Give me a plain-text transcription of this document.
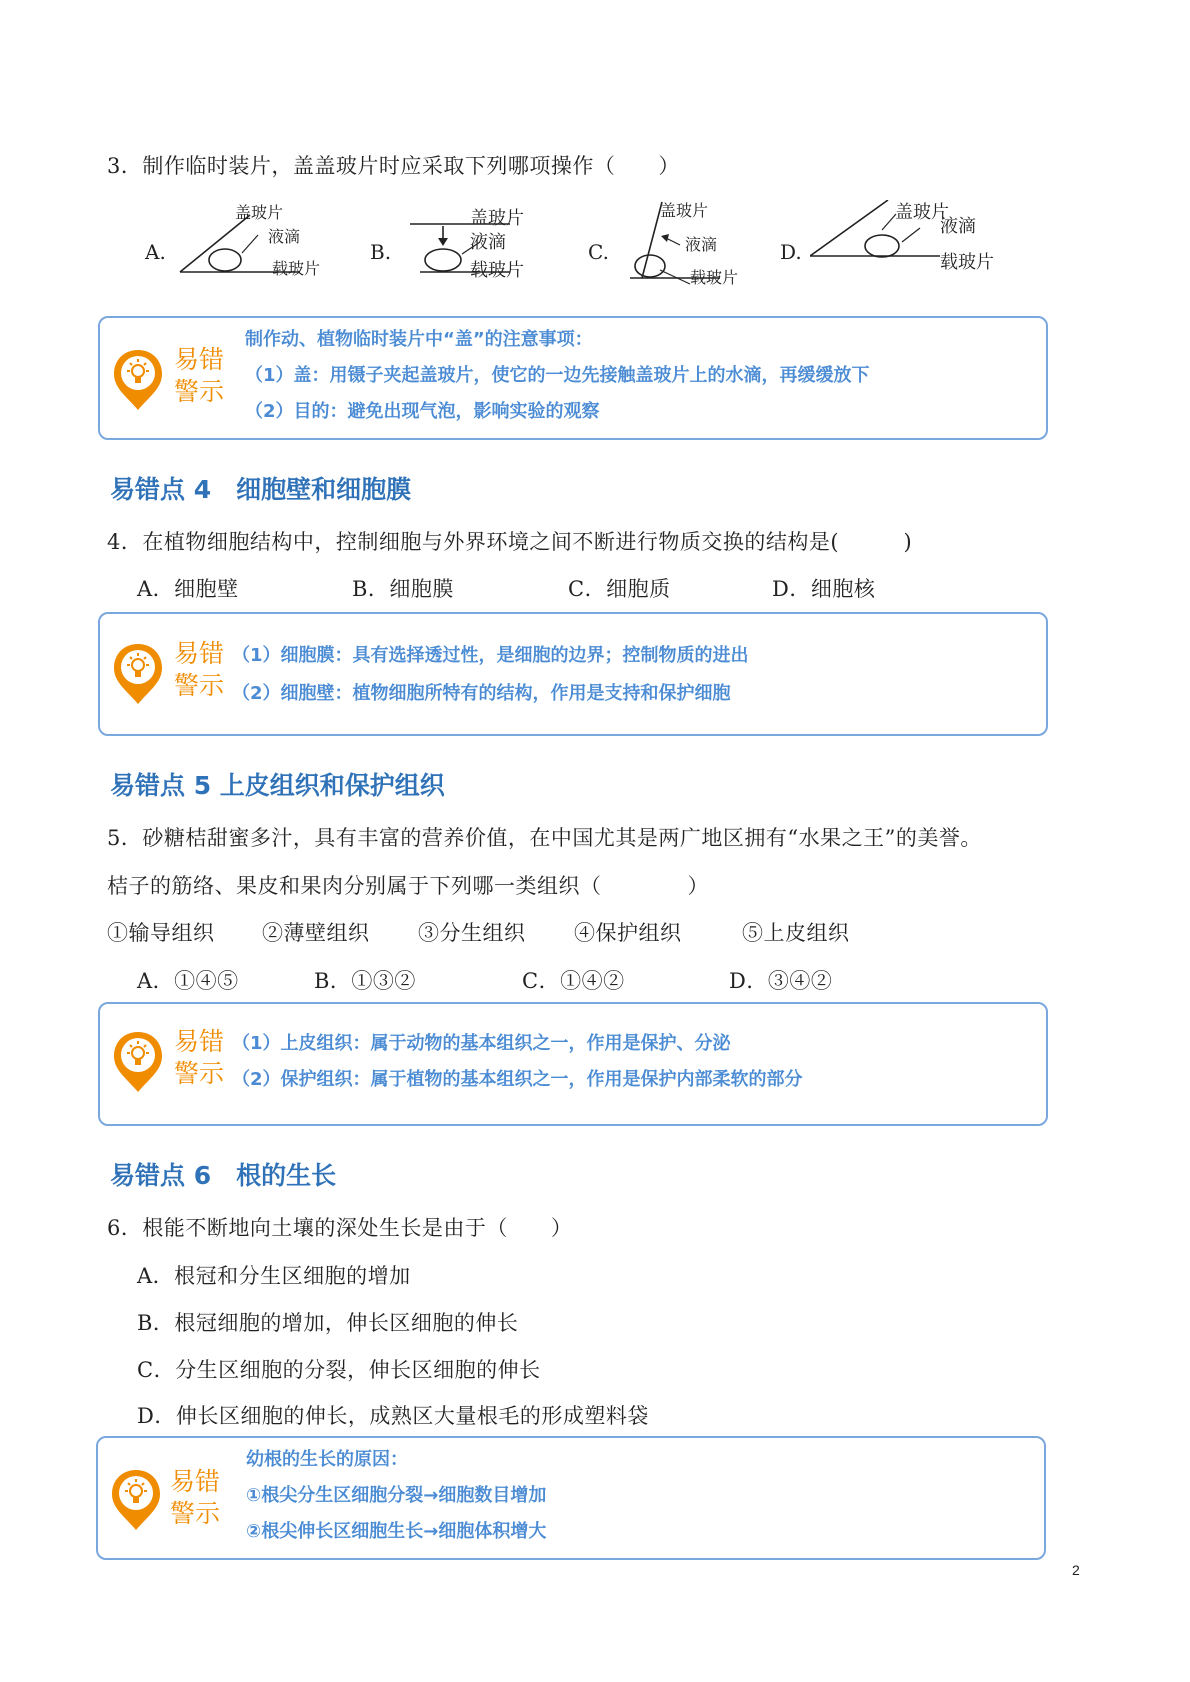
3．制作临时装片，盖盖玻片时应采取下列哪项操作（　　）
A.
盖玻片
液滴
载玻片
B.
盖玻片
液滴
载玻片
C.
盖玻片
液滴
载玻片
D.
盖玻片
液滴
载玻片
易错
警示
制作动、植物临时装片中“盖”的注意事项：
（1）盖：用镊子夹起盖玻片，使它的一边先接触盖玻片上的水滴，再缓缓放下
（2）目的：避免出现气泡，影响实验的观察
易错点 4　细胞壁和细胞膜
4．在植物细胞结构中，控制细胞与外界环境之间不断进行物质交换的结构是(　　　)
A．细胞壁	B．细胞膜	C．细胞质	D．细胞核
易错
警示
（1）细胞膜：具有选择透过性，是细胞的边界；控制物质的进出
（2）细胞壁：植物细胞所特有的结构，作用是支持和保护细胞
易错点 5 上皮组织和保护组织
5．砂糖桔甜蜜多汁，具有丰富的营养价值，在中国尤其是两广地区拥有“水果之王”的美誉。
桔子的筋络、果皮和果肉分别属于下列哪一类组织（　　　　）
①输导组织 ②薄壁组织 ③分生组织 ④保护组织	⑤上皮组织
A．①④⑤	B．①③②	C．①④②	D．③④②
易错
警示
（1）上皮组织：属于动物的基本组织之一，作用是保护、分泌
（2）保护组织：属于植物的基本组织之一，作用是保护内部柔软的部分
易错点 6　根的生长
6．根能不断地向土壤的深处生长是由于（　　）
A．根冠和分生区细胞的增加
B．根冠细胞的增加，伸长区细胞的伸长
C．分生区细胞的分裂，伸长区细胞的伸长
D．伸长区细胞的伸长，成熟区大量根毛的形成塑料袋
易错
警示
幼根的生长的原因：
①根尖分生区细胞分裂→细胞数目增加
②根尖伸长区细胞生长→细胞体积增大
2
